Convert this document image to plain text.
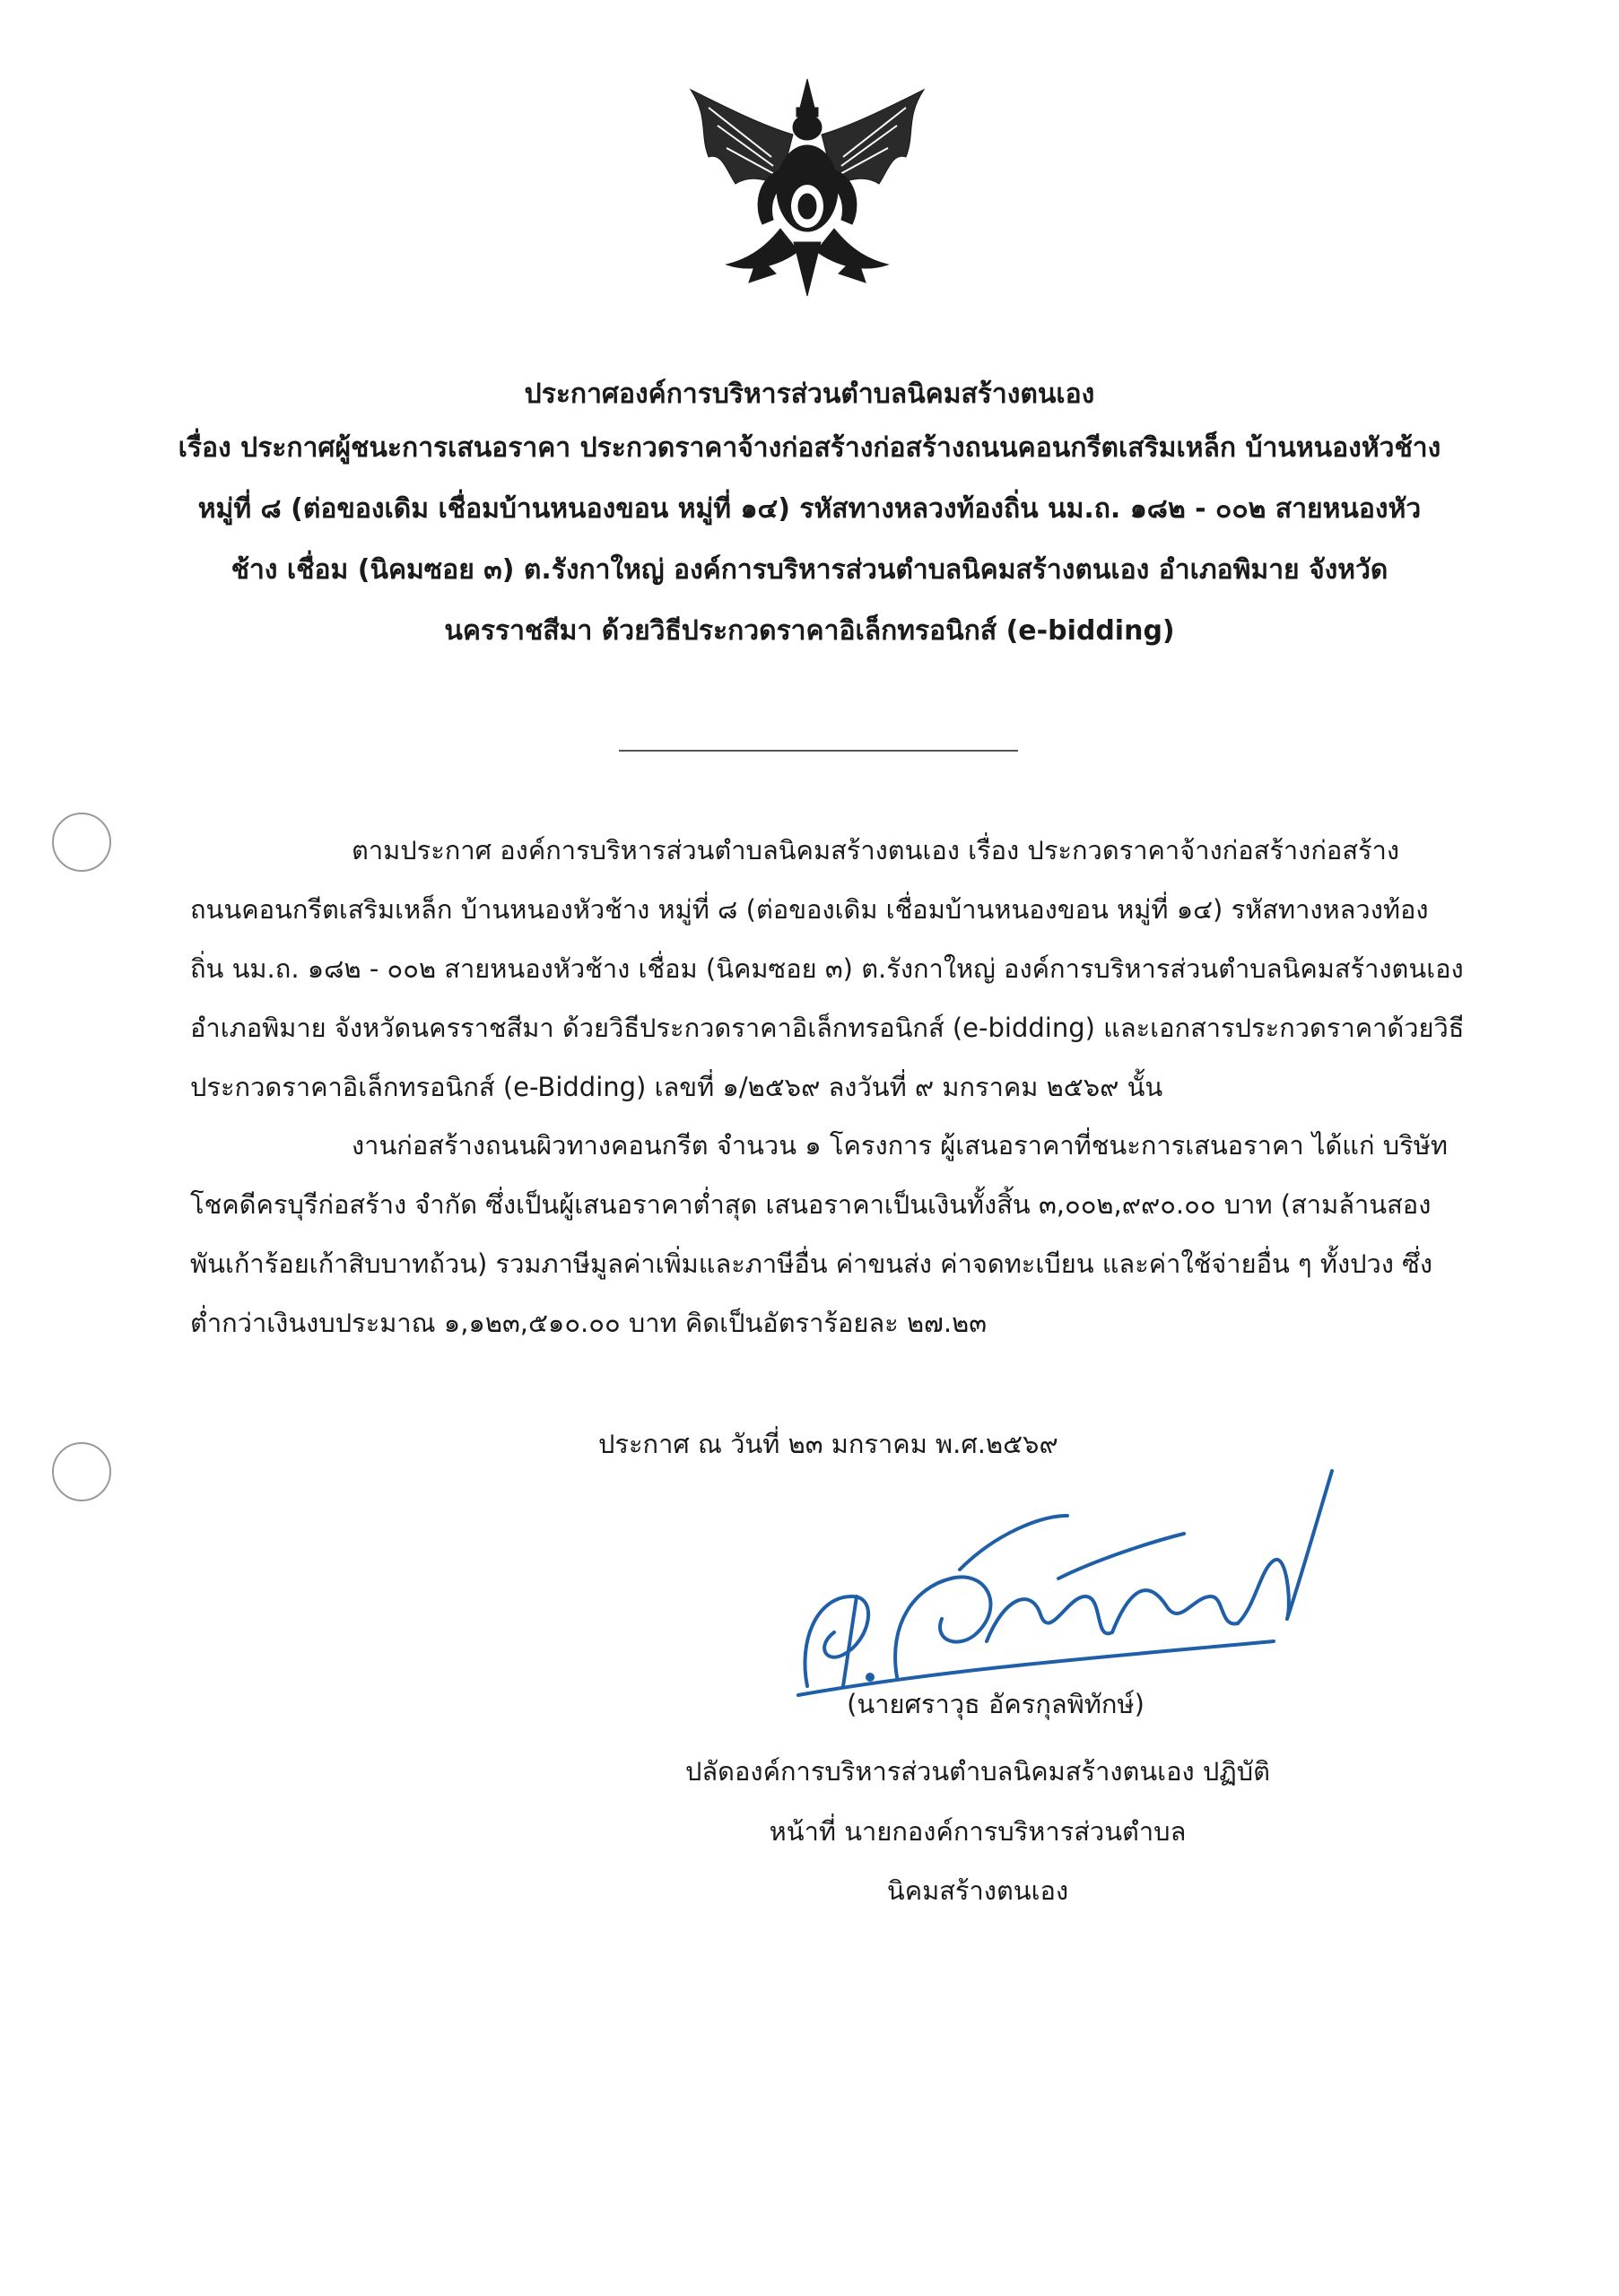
ประกาศองค์การบริหารส่วนตำบลนิคมสร้างตนเอง
เรื่อง ประกาศผู้ชนะการเสนอราคา ประกวดราคาจ้างก่อสร้างก่อสร้างถนนคอนกรีตเสริมเหล็ก บ้านหนองหัวช้าง
หมู่ที่ ๘ (ต่อของเดิม เชื่อมบ้านหนองขอน หมู่ที่ ๑๔) รหัสทางหลวงท้องถิ่น นม.ถ. ๑๘๒ - ๐๐๒ สายหนองหัว
ช้าง เชื่อม (นิคมซอย ๓) ต.รังกาใหญ่ องค์การบริหารส่วนตำบลนิคมสร้างตนเอง อำเภอพิมาย จังหวัด
นครราชสีมา ด้วยวิธีประกวดราคาอิเล็กทรอนิกส์ (e-bidding)
ตามประกาศ องค์การบริหารส่วนตำบลนิคมสร้างตนเอง เรื่อง ประกวดราคาจ้างก่อสร้างก่อสร้าง
ถนนคอนกรีตเสริมเหล็ก บ้านหนองหัวช้าง หมู่ที่ ๘ (ต่อของเดิม เชื่อมบ้านหนองขอน หมู่ที่ ๑๔) รหัสทางหลวงท้อง
ถิ่น นม.ถ. ๑๘๒ - ๐๐๒ สายหนองหัวช้าง เชื่อม (นิคมซอย ๓) ต.รังกาใหญ่ องค์การบริหารส่วนตำบลนิคมสร้างตนเอง
อำเภอพิมาย จังหวัดนครราชสีมา ด้วยวิธีประกวดราคาอิเล็กทรอนิกส์ (e-bidding) และเอกสารประกวดราคาด้วยวิธี
ประกวดราคาอิเล็กทรอนิกส์ (e-Bidding) เลขที่ ๑/๒๕๖๙ ลงวันที่ ๙ มกราคม ๒๕๖๙ นั้น
งานก่อสร้างถนนผิวทางคอนกรีต จำนวน ๑ โครงการ ผู้เสนอราคาที่ชนะการเสนอราคา ได้แก่ บริษัท
โชคดีครบุรีก่อสร้าง จำกัด ซึ่งเป็นผู้เสนอราคาต่ำสุด เสนอราคาเป็นเงินทั้งสิ้น ๓,๐๐๒,๙๙๐.๐๐ บาท (สามล้านสอง
พันเก้าร้อยเก้าสิบบาทถ้วน) รวมภาษีมูลค่าเพิ่มและภาษีอื่น ค่าขนส่ง ค่าจดทะเบียน และค่าใช้จ่ายอื่น ๆ ทั้งปวง ซึ่ง
ต่ำกว่าเงินงบประมาณ ๑,๑๒๓,๕๑๐.๐๐ บาท คิดเป็นอัตราร้อยละ ๒๗.๒๓
ประกาศ ณ วันที่ ๒๓ มกราคม พ.ศ.๒๕๖๙
(นายศราวุธ อัครกุลพิทักษ์)
ปลัดองค์การบริหารส่วนตำบลนิคมสร้างตนเอง ปฏิบัติ
หน้าที่ นายกองค์การบริหารส่วนตำบล
นิคมสร้างตนเอง
